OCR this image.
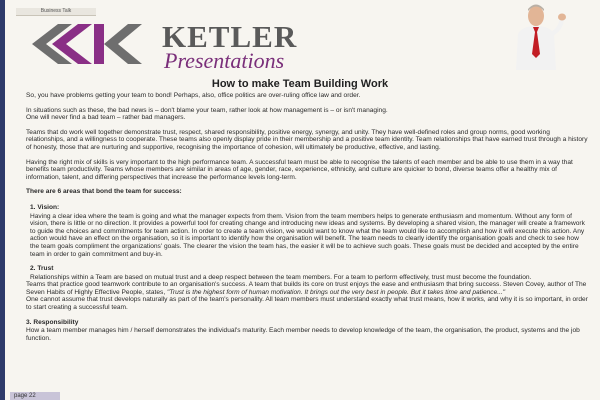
Business Talk
KETLER
Presentations
How to make Team Building Work

So, you have problems getting your team to bond! Perhaps, also, office politics are over-ruling office law and order.

In situations such as these, the bad news is – don't blame your team, rather look at how management is – or isn't managing.

One will never find a bad team – rather bad managers.

Teams that do work well together demonstrate trust, respect, shared responsibility, positive energy, synergy, and unity. They have well-defined roles and group norms, good working relationships, and a willingness to cooperate. These teams also openly display pride in their membership and a positive team identity. Team relationships that have earned trust through a history of honesty, those that are nurturing and supportive, recognising the importance of cohesion, will ultimately be productive, effective, and lasting.

Having the right mix of skills is very important to the high performance team. A successful team must be able to recognise the talents of each member and be able to use them in a way that benefits team productivity. Teams whose members are similar in areas of age, gender, race, experience, ethnicity, and culture are quicker to bond, diverse teams offer a healthy mix of information, talent, and differing perspectives that increase the performance levels long-term.

There are 6 areas that bond the team for success:
1. Vision:

Having a clear idea where the team is going and what the manager expects from them. Vision from the team members helps to generate enthusiasm and momentum. Without any form of vision, there is little or no direction. It provides a powerful tool for creating change and introducing new ideas and systems. By developing a shared vision, the manager will create a framework to guide the choices and commitments for team action. In order to create a team vision, we would want to know what the team would like to accomplish and how it will execute this action. Any action would have an effect on the organisation, so it is important to identify how the organisation will benefit. The team needs to clearly identify the organisation goals and check to see how the team goals compliment the organizations' goals. The clearer the vision the team has, the easier it will be to achieve such goals. These goals must be decided and accepted by the entire team in order to gain commitment and buy-in.

2. Trust

Relationships within a Team are based on mutual trust and a deep respect between the team members. For a team to perform effectively, trust must become the foundation.

Teams that practice good teamwork contribute to an organisation's success. A team that builds its core on trust enjoys the ease and enthusiasm that bring success. Steven Covey, author of The Seven Habits of Highly Effective People, states, "Trust is the highest form of human motivation. It brings out the very best in people. But it takes time and patience..."

One cannot assume that trust develops naturally as part of the team's personality. All team members must understand exactly what trust means, how it works, and why it is so important, in order to start creating a successful team.

3. Responsibility

How a team member manages him / herself demonstrates the individual's maturity. Each member needs to develop knowledge of the team, the organisation, the product, systems and the job function.

page 22
